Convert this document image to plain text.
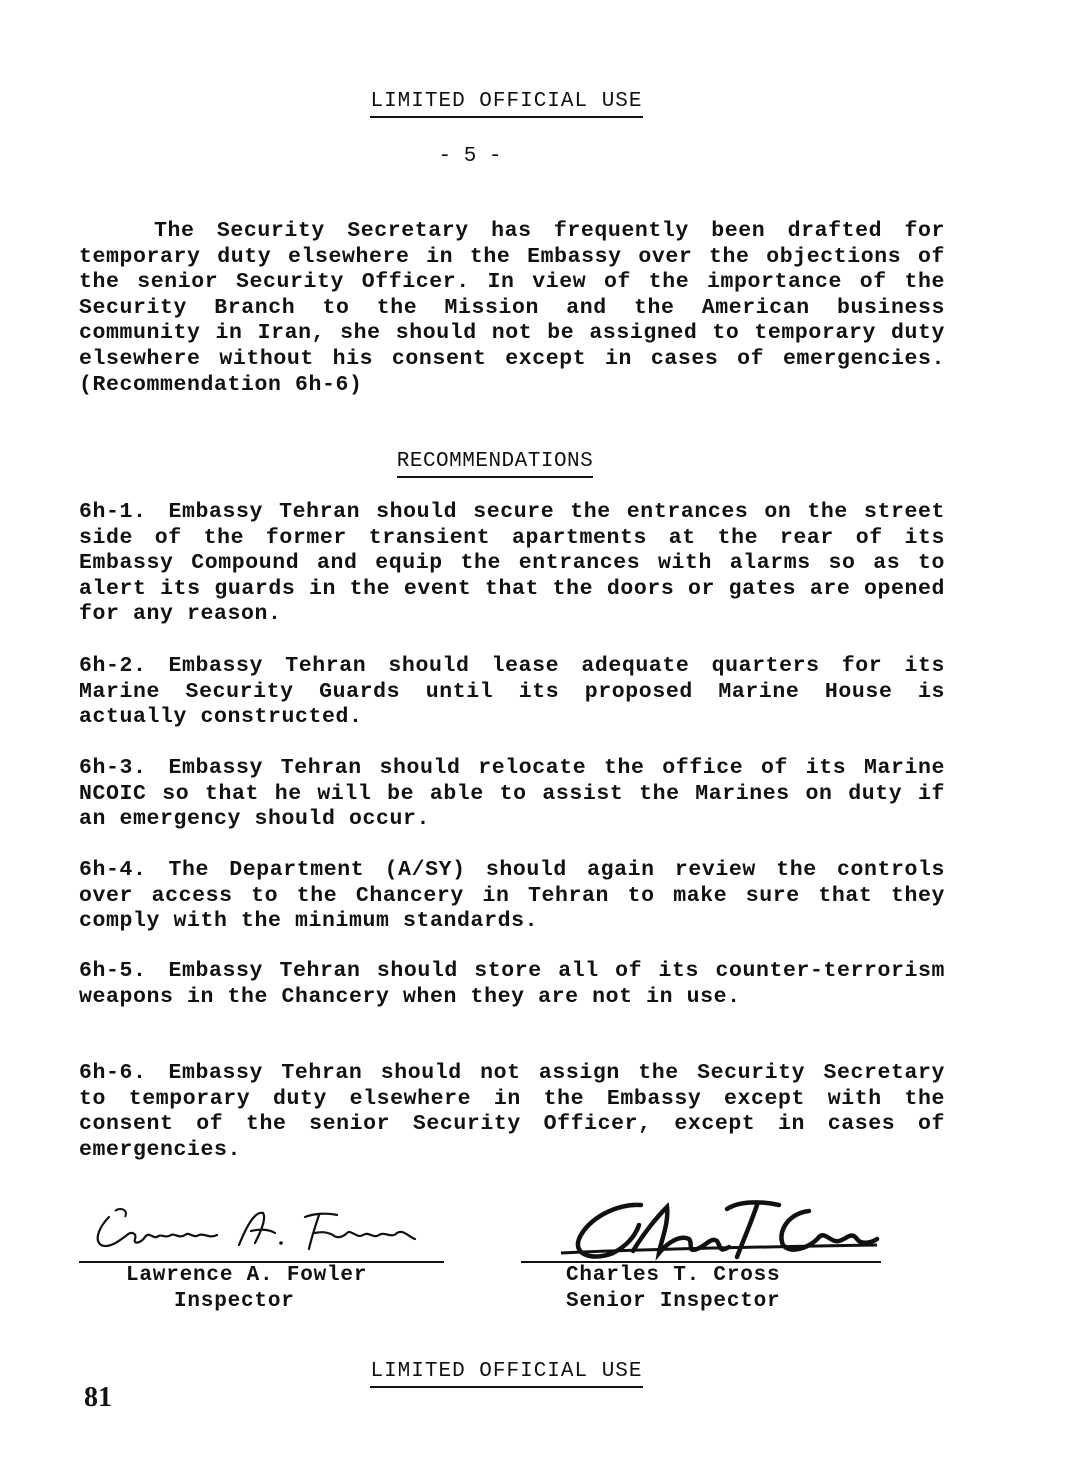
LIMITED OFFICIAL USE
- 5 -
The Security Secretary has frequently been drafted for temporary duty elsewhere in the Embassy over the objections of the senior Security Officer. In view of the importance of the Security Branch to the Mission and the American business community in Iran, she should not be assigned to temporary duty elsewhere without his consent except in cases of emergencies. (Recommendation 6h-6)
RECOMMENDATIONS
6h-1. Embassy Tehran should secure the entrances on the street side of the former transient apartments at the rear of its Embassy Compound and equip the entrances with alarms so as to alert its guards in the event that the doors or gates are opened for any reason.
6h-2. Embassy Tehran should lease adequate quarters for its Marine Security Guards until its proposed Marine House is actually constructed.
6h-3. Embassy Tehran should relocate the office of its Marine NCOIC so that he will be able to assist the Marines on duty if an emergency should occur.
6h-4. The Department (A/SY) should again review the controls over access to the Chancery in Tehran to make sure that they comply with the minimum standards.
6h-5. Embassy Tehran should store all of its counter-terrorism weapons in the Chancery when they are not in use.
6h-6. Embassy Tehran should not assign the Security Secretary to temporary duty elsewhere in the Embassy except with the consent of the senior Security Officer, except in cases of emergencies.
Lawrence A. Fowler
Inspector
Charles T. Cross
Senior Inspector
LIMITED OFFICIAL USE
81
